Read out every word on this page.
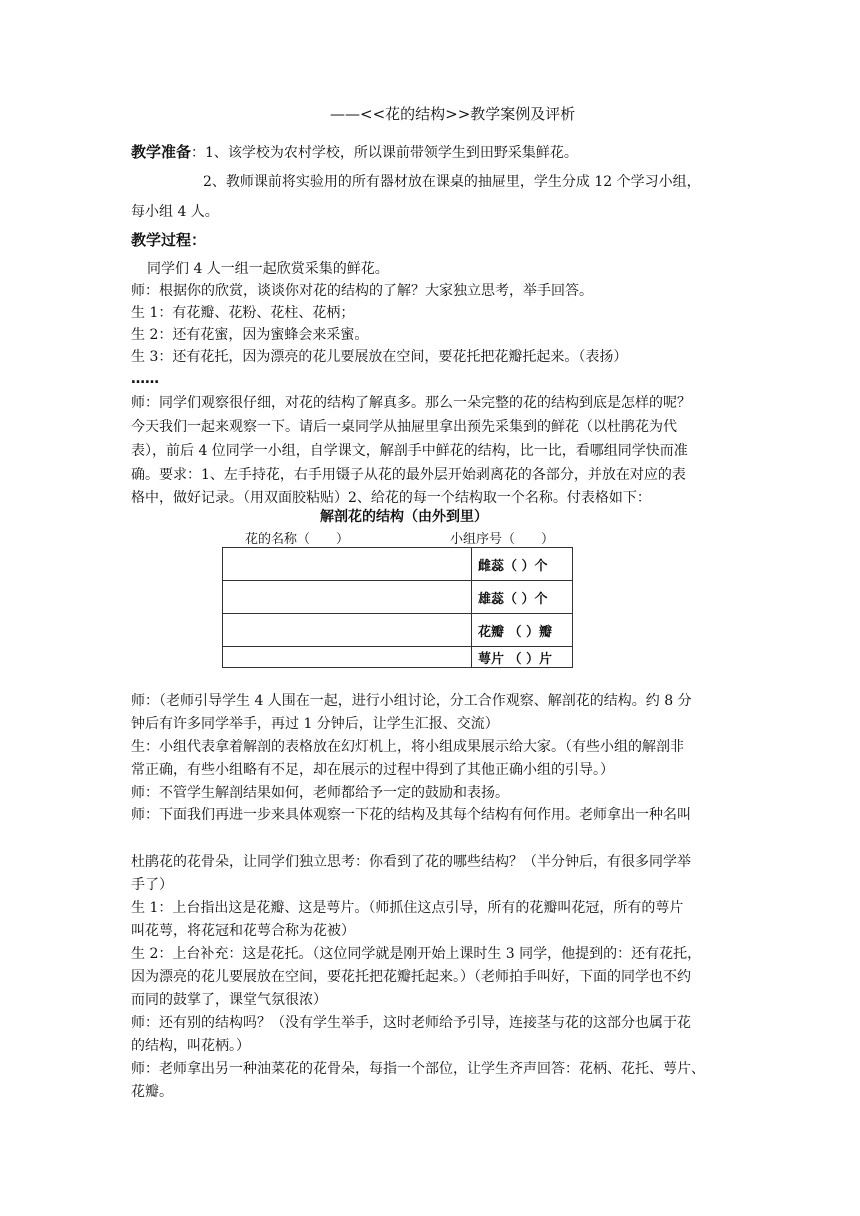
——<<花的结构>>教学案例及评析
教学准备：1、该学校为农村学校，所以课前带领学生到田野采集鲜花。
2、教师课前将实验用的所有器材放在课桌的抽屉里，学生分成 12 个学习小组，
每小组 4 人。
教学过程：
同学们 4 人一组一起欣赏采集的鲜花。
师：根据你的欣赏，谈谈你对花的结构的了解？大家独立思考，举手回答。
生 1：有花瓣、花粉、花柱、花柄；
生 2：还有花蜜，因为蜜蜂会来采蜜。
生 3：还有花托，因为漂亮的花儿要展放在空间，要花托把花瓣托起来。（表扬）
……
师：同学们观察很仔细，对花的结构了解真多。那么一朵完整的花的结构到底是怎样的呢？
今天我们一起来观察一下。请后一桌同学从抽屉里拿出预先采集到的鲜花（以杜鹃花为代
表），前后 4 位同学一小组，自学课文，解剖手中鲜花的结构，比一比，看哪组同学快而准
确。要求：1、左手持花，右手用镊子从花的最外层开始剥离花的各部分，并放在对应的表
格中，做好记录。（用双面胶粘贴）2、给花的每一个结构取一个名称。付表格如下：
解剖花的结构（由外到里）
花的名称（　　）	小组序号（　　）
	雌蕊（ ）个
	雄蕊（ ）个
	花瓣 （ ）瓣
	萼片 （ ）片
师：（老师引导学生 4 人围在一起，进行小组讨论，分工合作观察、解剖花的结构。约 8 分
钟后有许多同学举手，再过 1 分钟后，让学生汇报、交流）
生：小组代表拿着解剖的表格放在幻灯机上，将小组成果展示给大家。（有些小组的解剖非
常正确，有些小组略有不足，却在展示的过程中得到了其他正确小组的引导。）
师：不管学生解剖结果如何，老师都给予一定的鼓励和表扬。
师：下面我们再进一步来具体观察一下花的结构及其每个结构有何作用。老师拿出一种名叫
杜鹃花的花骨朵，让同学们独立思考：你看到了花的哪些结构？（半分钟后，有很多同学举
手了）
生 1：上台指出这是花瓣、这是萼片。（师抓住这点引导，所有的花瓣叫花冠，所有的萼片
叫花萼，将花冠和花萼合称为花被）
生 2：上台补充：这是花托。（这位同学就是刚开始上课时生 3 同学，他提到的：还有花托，
因为漂亮的花儿要展放在空间，要花托把花瓣托起来。）（老师拍手叫好，下面的同学也不约
而同的鼓掌了，课堂气氛很浓）
师：还有别的结构吗？（没有学生举手，这时老师给予引导，连接茎与花的这部分也属于花
的结构，叫花柄。）
师：老师拿出另一种油菜花的花骨朵，每指一个部位，让学生齐声回答：花柄、花托、萼片、
花瓣。
